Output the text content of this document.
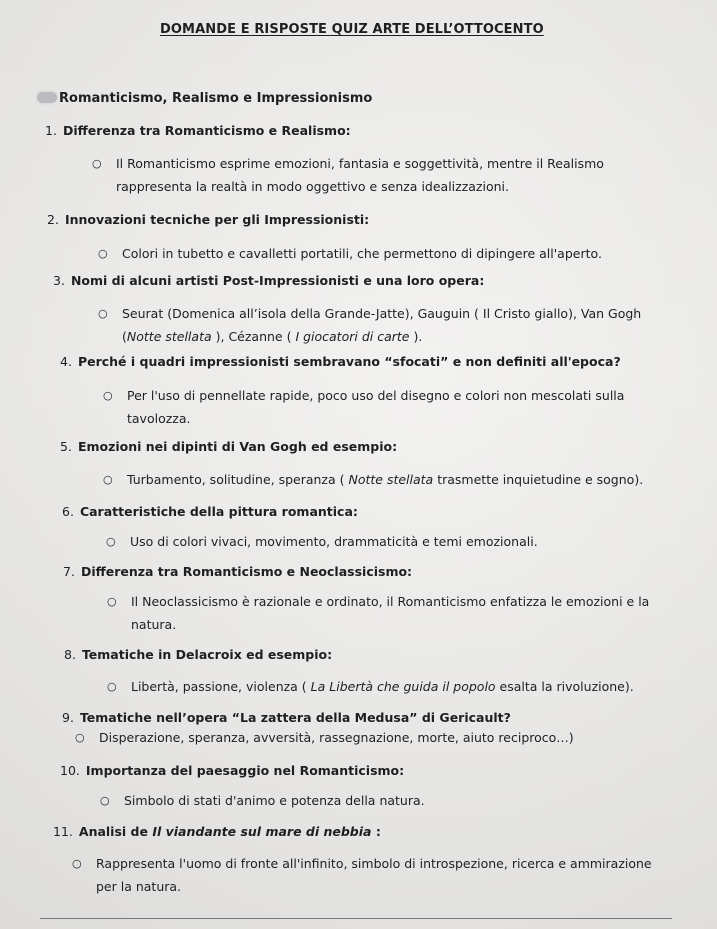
DOMANDE E RISPOSTE QUIZ ARTE DELL’OTTOCENTO
Romanticismo, Realismo e Impressionismo
1. Differenza tra Romanticismo e Realismo:
○ Il Romanticismo esprime emozioni, fantasia e soggettività, mentre il Realismo
rappresenta la realtà in modo oggettivo e senza idealizzazioni.
2. Innovazioni tecniche per gli Impressionisti:
○ Colori in tubetto e cavalletti portatili, che permettono di dipingere all'aperto.
3. Nomi di alcuni artisti Post-Impressionisti e una loro opera:
○ Seurat (Domenica all’isola della Grande-Jatte), Gauguin ( Il Cristo giallo), Van Gogh
(Notte stellata ), Cézanne ( I giocatori di carte ).
4. Perché i quadri impressionisti sembravano “sfocati” e non definiti all'epoca?
○ Per l'uso di pennellate rapide, poco uso del disegno e colori non mescolati sulla
tavolozza.
5. Emozioni nei dipinti di Van Gogh ed esempio:
○ Turbamento, solitudine, speranza ( Notte stellata trasmette inquietudine e sogno).
6. Caratteristiche della pittura romantica:
○ Uso di colori vivaci, movimento, drammaticità e temi emozionali.
7. Differenza tra Romanticismo e Neoclassicismo:
○ Il Neoclassicismo è razionale e ordinato, il Romanticismo enfatizza le emozioni e la
natura.
8. Tematiche in Delacroix ed esempio:
○ Libertà, passione, violenza ( La Libertà che guida il popolo esalta la rivoluzione).
9. Tematiche nell’opera “La zattera della Medusa” di Gericault?
○ Disperazione, speranza, avversità, rassegnazione, morte, aiuto reciproco…)
10. Importanza del paesaggio nel Romanticismo:
○ Simbolo di stati d'animo e potenza della natura.
11. Analisi de Il viandante sul mare di nebbia :
○ Rappresenta l'uomo di fronte all'infinito, simbolo di introspezione, ricerca e ammirazione
per la natura.
